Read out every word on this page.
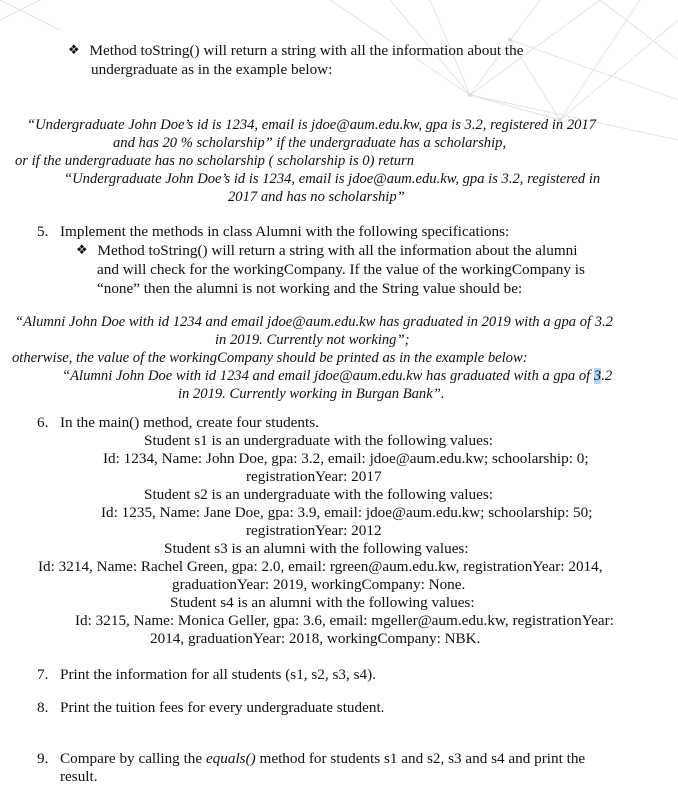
❖ Method toString() will return a string with all the information about the
undergraduate as in the example below:
“Undergraduate John Doe’s id is 1234, email is jdoe@aum.edu.kw, gpa is 3.2, registered in 2017
and has 20 % scholarship” if the undergraduate has a scholarship,
or if the undergraduate has no scholarship ( scholarship is 0) return
“Undergraduate John Doe’s id is 1234, email is jdoe@aum.edu.kw, gpa is 3.2, registered in
2017 and has no scholarship”
5. Implement the methods in class Alumni with the following specifications:
❖ Method toString() will return a string with all the information about the alumni
and will check for the workingCompany. If the value of the workingCompany is
“none” then the alumni is not working and the String value should be:
“Alumni John Doe with id 1234 and email jdoe@aum.edu.kw has graduated in 2019 with a gpa of 3.2
in 2019. Currently not working”;
otherwise, the value of the workingCompany should be printed as in the example below:
“Alumni John Doe with id 1234 and email jdoe@aum.edu.kw has graduated with a gpa of 3.2
in 2019. Currently working in Burgan Bank”.
6. In the main() method, create four students.
Student s1 is an undergraduate with the following values:
Id: 1234, Name: John Doe, gpa: 3.2, email: jdoe@aum.edu.kw; schoolarship: 0;
registrationYear: 2017
Student s2 is an undergraduate with the following values:
Id: 1235, Name: Jane Doe, gpa: 3.9, email: jdoe@aum.edu.kw; schoolarship: 50;
registrationYear: 2012
Student s3 is an alumni with the following values:
Id: 3214, Name: Rachel Green, gpa: 2.0, email: rgreen@aum.edu.kw, registrationYear: 2014,
graduationYear: 2019, workingCompany: None.
Student s4 is an alumni with the following values:
Id: 3215, Name: Monica Geller, gpa: 3.6, email: mgeller@aum.edu.kw, registrationYear:
2014, graduationYear: 2018, workingCompany: NBK.
7. Print the information for all students (s1, s2, s3, s4).
8. Print the tuition fees for every undergraduate student.
9. Compare by calling the equals() method for students s1 and s2, s3 and s4 and print the
result.
